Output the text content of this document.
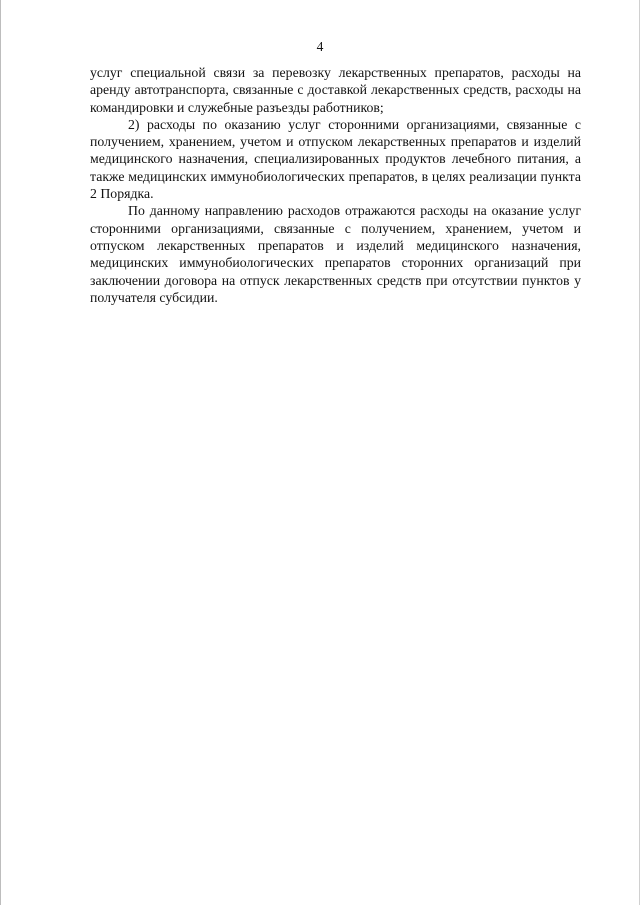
4

услуг специальной связи за перевозку лекарственных препаратов, расходы на аренду автотранспорта, связанные с доставкой лекарственных средств, расходы на командировки и служебные разъезды работников;

2) расходы по оказанию услуг сторонними организациями, связанные с получением, хранением, учетом и отпуском лекарственных препаратов и изделий медицинского назначения, специализированных продуктов лечебного питания, а также медицинских иммунобиологических препаратов, в целях реализации пункта 2 Порядка.

По данному направлению расходов отражаются расходы на оказание услуг сторонними организациями, связанные с получением, хранением, учетом и отпуском лекарственных препаратов и изделий медицинского назначения, медицинских иммунобиологических препаратов сторонних организаций при заключении договора на отпуск лекарственных средств при отсутствии пунктов у получателя субсидии.
